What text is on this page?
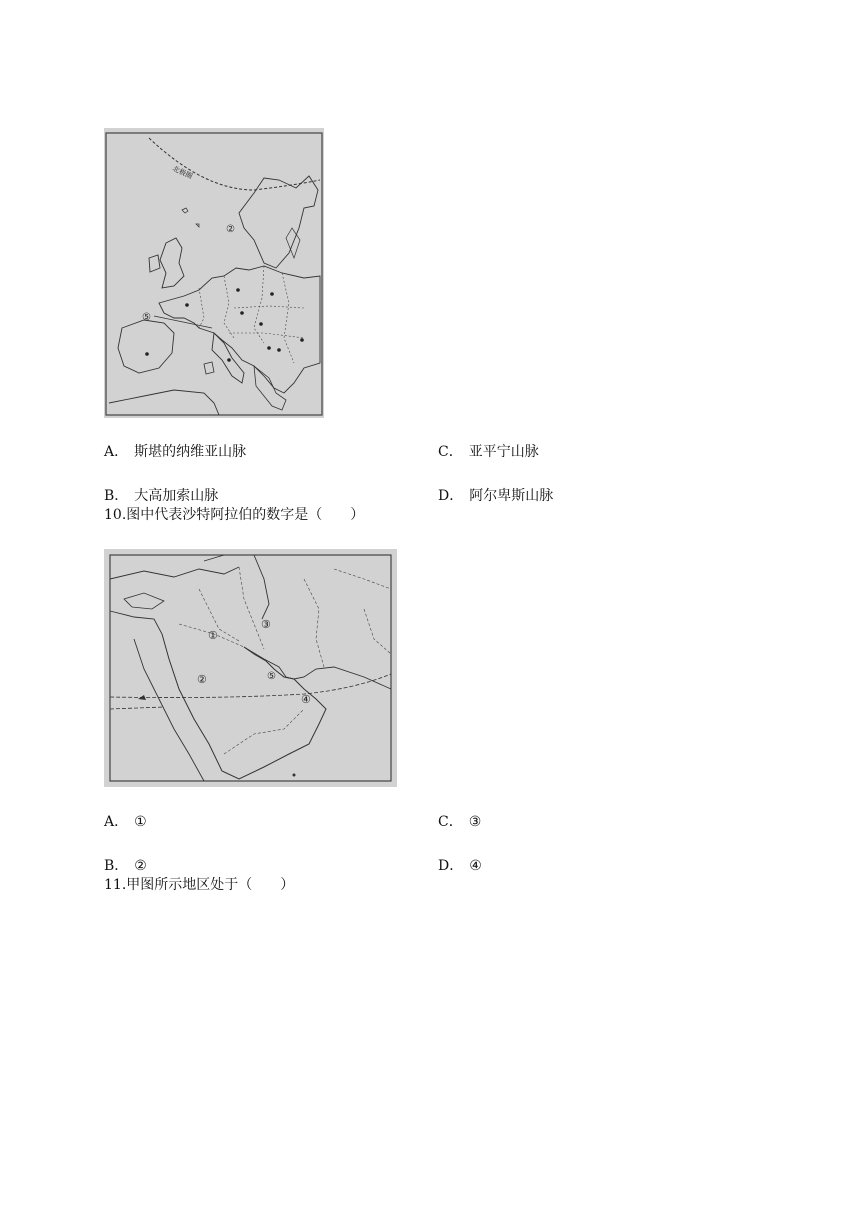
北极圈
②
⑤
A． 斯堪的纳维亚山脉	C． 亚平宁山脉
B． 大高加索山脉	D． 阿尔卑斯山脉
10.图中代表沙特阿拉伯的数字是（　　）
①
②
③
⑤
④
A． ①	C． ③
B． ②	D． ④
11.甲图所示地区处于（　　）
